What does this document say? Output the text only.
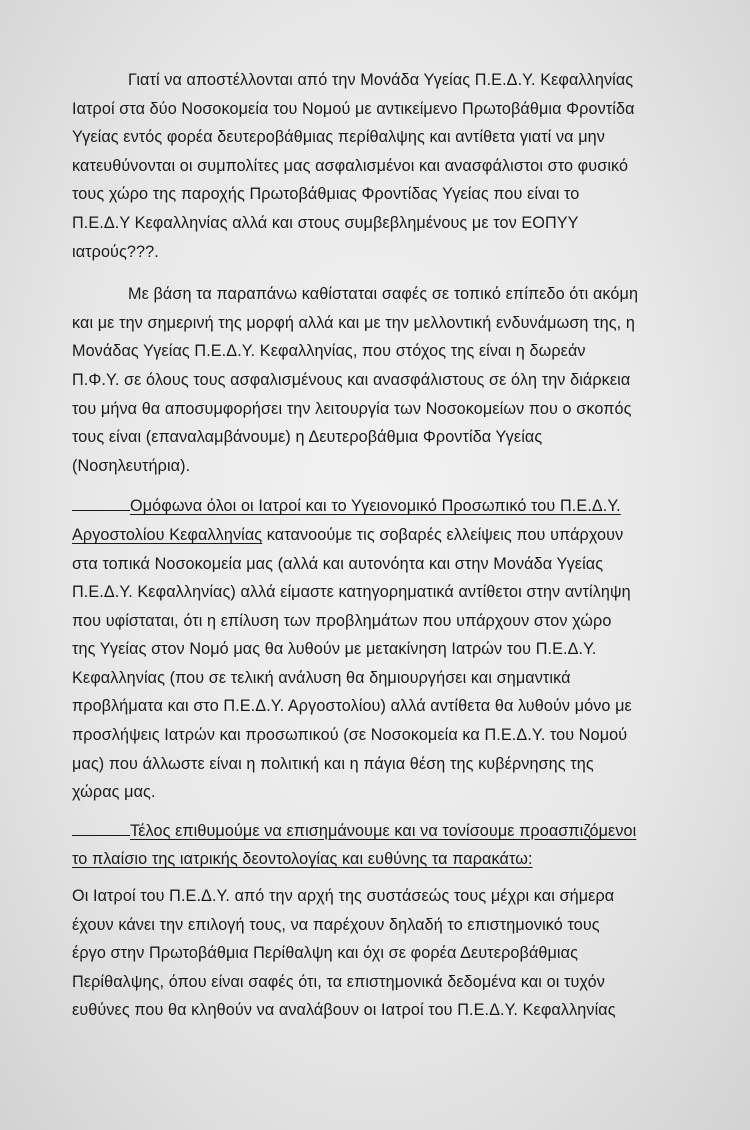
Γιατί να αποστέλλονται από την Μονάδα Υγείας Π.Ε.Δ.Υ. Κεφαλληνίας
Ιατροί στα δύο Νοσοκομεία του Νομού με αντικείμενο Πρωτοβάθμια Φροντίδα
Υγείας εντός φορέα δευτεροβάθμιας περίθαλψης και αντίθετα γιατί να μην
κατευθύνονται οι συμπολίτες μας ασφαλισμένοι και ανασφάλιστοι στο φυσικό
τους χώρο της παροχής Πρωτοβάθμιας Φροντίδας Υγείας που είναι το
Π.Ε.Δ.Υ Κεφαλληνίας αλλά και στους συμβεβλημένους με τον ΕΟΠΥΥ
ιατρούς???.
Με βάση τα παραπάνω καθίσταται σαφές σε τοπικό επίπεδο ότι ακόμη
και με την σημερινή της μορφή αλλά και με την μελλοντική ενδυνάμωση της, η
Μονάδας Υγείας Π.Ε.Δ.Υ. Κεφαλληνίας, που στόχος της είναι η δωρεάν
Π.Φ.Υ. σε όλους τους ασφαλισμένους και ανασφάλιστους σε όλη την διάρκεια
του μήνα θα αποσυμφορήσει την λειτουργία των Νοσοκομείων που ο σκοπός
τους είναι (επαναλαμβάνουμε) η Δευτεροβάθμια Φροντίδα Υγείας
(Νοσηλευτήρια).
Ομόφωνα όλοι οι Ιατροί και το Υγειονομικό Προσωπικό του Π.Ε.Δ.Υ.
Αργοστολίου Κεφαλληνίας κατανοούμε τις σοβαρές ελλείψεις που υπάρχουν
στα τοπικά Νοσοκομεία μας (αλλά και αυτονόητα και στην Μονάδα Υγείας
Π.Ε.Δ.Υ. Κεφαλληνίας) αλλά είμαστε κατηγορηματικά αντίθετοι στην αντίληψη
που υφίσταται, ότι η επίλυση των προβλημάτων που υπάρχουν στον χώρο
της Υγείας στον Νομό μας θα λυθούν με μετακίνηση Ιατρών του Π.Ε.Δ.Υ.
Κεφαλληνίας (που σε τελική ανάλυση θα δημιουργήσει και σημαντικά
προβλήματα και στο Π.Ε.Δ.Υ. Αργοστολίου) αλλά αντίθετα θα λυθούν μόνο με
προσλήψεις Ιατρών και προσωπικού (σε Νοσοκομεία κα Π.Ε.Δ.Υ. του Νομού
μας) που άλλωστε είναι η πολιτική και η πάγια θέση της κυβέρνησης της
χώρας μας.
Τέλος επιθυμούμε να επισημάνουμε και να τονίσουμε προασπιζόμενοι
το πλαίσιο της ιατρικής δεοντολογίας και ευθύνης τα παρακάτω:
Οι Ιατροί του Π.Ε.Δ.Υ. από την αρχή της συστάσεώς τους μέχρι και σήμερα
έχουν κάνει την επιλογή τους, να παρέχουν δηλαδή το επιστημονικό τους
έργο στην Πρωτοβάθμια Περίθαλψη και όχι σε φορέα Δευτεροβάθμιας
Περίθαλψης, όπου είναι σαφές ότι, τα επιστημονικά δεδομένα και οι τυχόν
ευθύνες που θα κληθούν να αναλάβουν οι Ιατροί του Π.Ε.Δ.Υ. Κεφαλληνίας
